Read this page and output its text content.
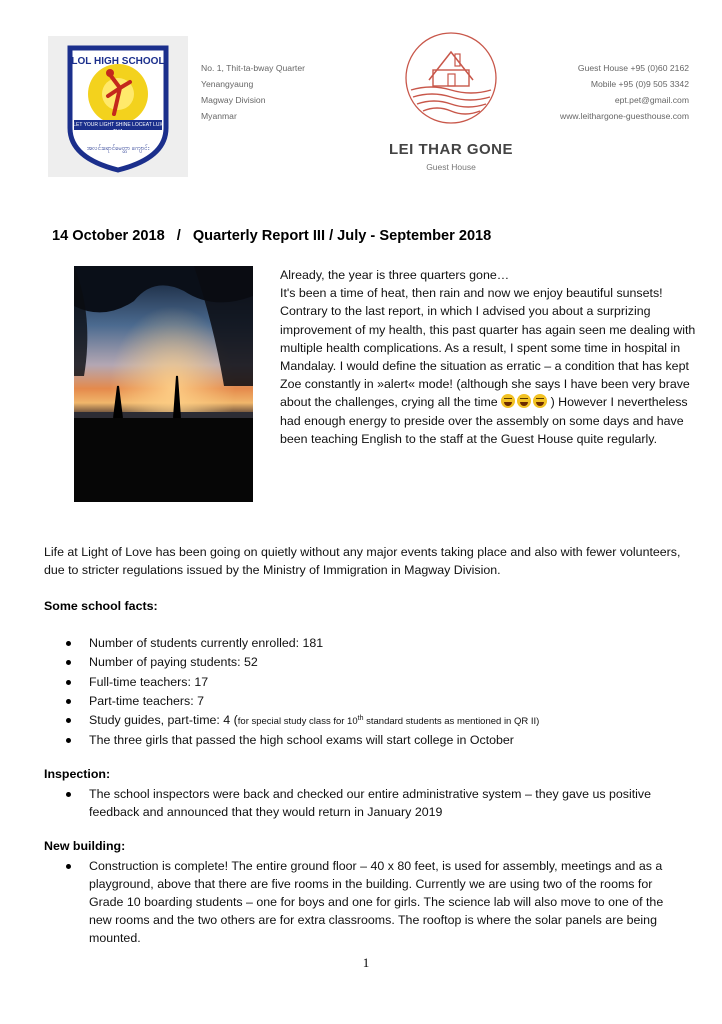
LOL HIGH SCHOOL
LET YOUR LIGHT SHINE LOCEAT LUX TUA
အလင်းရောင်မေတ္တာ ကျောင်း
No. 1, Thit-ta-bway Quarter
Yenangyaung
Magway Division
Myanmar
LEI THAR GONE
Guest House
Guest House +95 (0)60 2162
Mobile +95 (0)9 505 3342
ept.pet@gmail.com
www.leithargone-guesthouse.com
14 October 2018 / Quarterly Report III / July - September 2018

Already, the year is three quarters gone…

It's been a time of heat, then rain and now we enjoy beautiful sunsets!

Contrary to the last report, in which I advised you about a surprizing improvement of my health, this past quarter has again seen me dealing with multiple health complications. As a result, I spent some time in hospital in Mandalay. I would define the situation as erratic – a condition that has kept Zoe constantly in »alert« mode! (although she says I have been very brave about the challenges, crying all the time	) However I nevertheless had enough energy to preside over the assembly on some days and have been teaching English to the staff at the Guest House quite regularly.

Life at Light of Love has been going on quietly without any major events taking place and also with fewer volunteers, due to stricter regulations issued by the Ministry of Immigration in Magway Division.
Some school facts:
Number of students currently enrolled: 181
Number of paying students: 52
Full-time teachers: 17
Part-time teachers: 7
Study guides, part-time: 4 (for special study class for 10th standard students as mentioned in QR II)
The three girls that passed the high school exams will start college in October
Inspection:
The school inspectors were back and checked our entire administrative system – they gave us positive feedback and announced that they would return in January 2019
New building:
Construction is complete! The entire ground floor – 40 x 80 feet, is used for assembly, meetings and as a playground, above that there are five rooms in the building. Currently we are using two of the rooms for Grade 10 boarding students – one for boys and one for girls. The science lab will also move to one of the new rooms and the two others are for extra classrooms. The rooftop is where the solar panels are being mounted.
1
